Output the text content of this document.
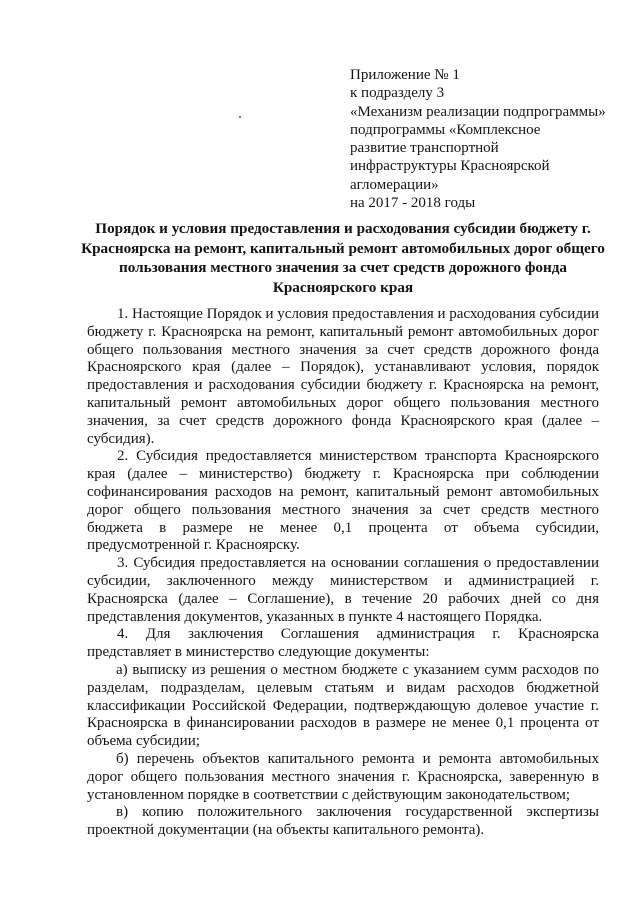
Приложение № 1
к подразделу 3
«Механизм реализации подпрограммы»
подпрограммы «Комплексное
развитие транспортной
инфраструктуры Красноярской
агломерации»
на 2017 - 2018 годы
Порядок и условия предоставления и расходования субсидии бюджету г. Красноярска на ремонт, капитальный ремонт автомобильных дорог общего пользования местного значения за счет средств дорожного фонда Красноярского края

1. Настоящие Порядок и условия предоставления и расходования субсидии бюджету г. Красноярска на ремонт, капитальный ремонт автомобильных дорог общего пользования местного значения за счет средств дорожного фонда Красноярского края (далее – Порядок), устанавливают условия, порядок предоставления и расходования субсидии бюджету г. Красноярска на ремонт, капитальный ремонт автомобильных дорог общего пользования местного значения, за счет средств дорожного фонда Красноярского края (далее – субсидия).

2. Субсидия предоставляется министерством транспорта Красноярского края (далее – министерство) бюджету г. Красноярска при соблюдении софинансирования расходов на ремонт, капитальный ремонт автомобильных дорог общего пользования местного значения за счет средств местного бюджета в размере не менее 0,1 процента от объема субсидии, предусмотренной г. Красноярску.

3. Субсидия предоставляется на основании соглашения о предоставлении субсидии, заключенного между министерством и администрацией г. Красноярска (далее – Соглашение), в течение 20 рабочих дней со дня представления документов, указанных в пункте 4 настоящего Порядка.

4. Для заключения Соглашения администрация г. Красноярска представляет в министерство следующие документы:

а) выписку из решения о местном бюджете с указанием сумм расходов по разделам, подразделам, целевым статьям и видам расходов бюджетной классификации Российской Федерации, подтверждающую долевое участие г. Красноярска в финансировании расходов в размере не менее 0,1 процента от объема субсидии;

б) перечень объектов капитального ремонта и ремонта автомобильных дорог общего пользования местного значения г. Красноярска, заверенную в установленном порядке в соответствии с действующим законодательством;

в) копию положительного заключения государственной экспертизы проектной документации (на объекты капитального ремонта).
